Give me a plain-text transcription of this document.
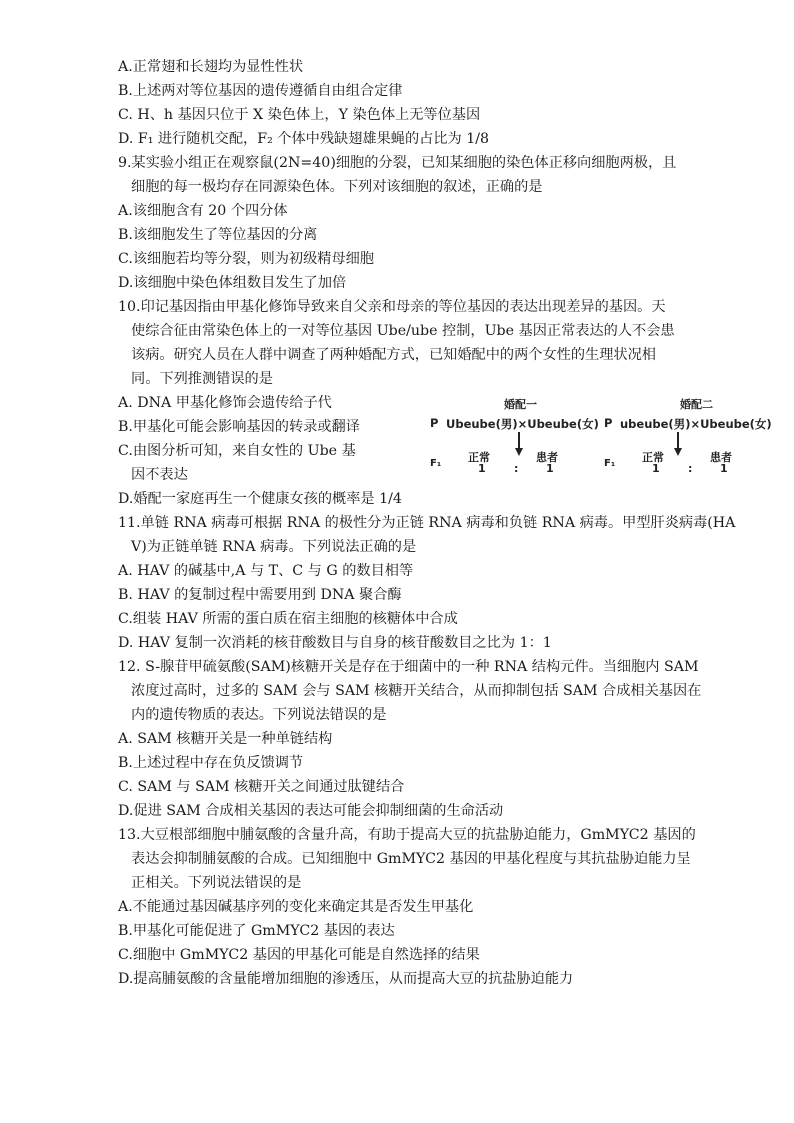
A.正常翅和长翅均为显性性状
B.上述两对等位基因的遗传遵循自由组合定律
C. H、h 基因只位于 X 染色体上，Y 染色体上无等位基因
D. F₁ 进行随机交配，F₂ 个体中残缺翅雄果蝇的占比为 1/8
9.某实验小组正在观察鼠(2N=40)细胞的分裂，已知某细胞的染色体正移向细胞两极，且
细胞的每一极均存在同源染色体。下列对该细胞的叙述，正确的是
A.该细胞含有 20 个四分体
B.该细胞发生了等位基因的分离
C.该细胞若均等分裂，则为初级精母细胞
D.该细胞中染色体组数目发生了加倍
10.印记基因指由甲基化修饰导致来自父亲和母亲的等位基因的表达出现差异的基因。天
使综合征由常染色体上的一对等位基因 Ube/ube 控制，Ube 基因正常表达的人不会患
该病。研究人员在人群中调查了两种婚配方式，已知婚配中的两个女性的生理状况相
同。下列推测错误的是
A. DNA 甲基化修饰会遗传给子代
B.甲基化可能会影响基因的转录或翻译
C.由图分析可知，来自女性的 Ube 基
因不表达
D.婚配一家庭再生一个健康女孩的概率是 1/4
婚配一
P Ubeube(男)×Ubeube(女)
F₁ 正常	患者
1	:	1
婚配二
P ubeube(男)×Ubeube(女)
F₁ 正常	患者
1	:	1
11.单链 RNA 病毒可根据 RNA 的极性分为正链 RNA 病毒和负链 RNA 病毒。甲型肝炎病毒(HA
V)为正链单链 RNA 病毒。下列说法正确的是
A. HAV 的碱基中,A 与 T、C 与 G 的数目相等
B. HAV 的复制过程中需要用到 DNA 聚合酶
C.组装 HAV 所需的蛋白质在宿主细胞的核糖体中合成
D. HAV 复制一次消耗的核苷酸数目与自身的核苷酸数目之比为 1：1
12. S-腺苷甲硫氨酸(SAM)核糖开关是存在于细菌中的一种 RNA 结构元件。当细胞内 SAM
浓度过高时，过多的 SAM 会与 SAM 核糖开关结合，从而抑制包括 SAM 合成相关基因在
内的遗传物质的表达。下列说法错误的是
A. SAM 核糖开关是一种单链结构
B.上述过程中存在负反馈调节
C. SAM 与 SAM 核糖开关之间通过肽键结合
D.促进 SAM 合成相关基因的表达可能会抑制细菌的生命活动
13.大豆根部细胞中脯氨酸的含量升高，有助于提高大豆的抗盐胁迫能力，GmMYC2 基因的
表达会抑制脯氨酸的合成。已知细胞中 GmMYC2 基因的甲基化程度与其抗盐胁迫能力呈
正相关。下列说法错误的是
A.不能通过基因碱基序列的变化来确定其是否发生甲基化
B.甲基化可能促进了 GmMYC2 基因的表达
C.细胞中 GmMYC2 基因的甲基化可能是自然选择的结果
D.提高脯氨酸的含量能增加细胞的渗透压，从而提高大豆的抗盐胁迫能力
